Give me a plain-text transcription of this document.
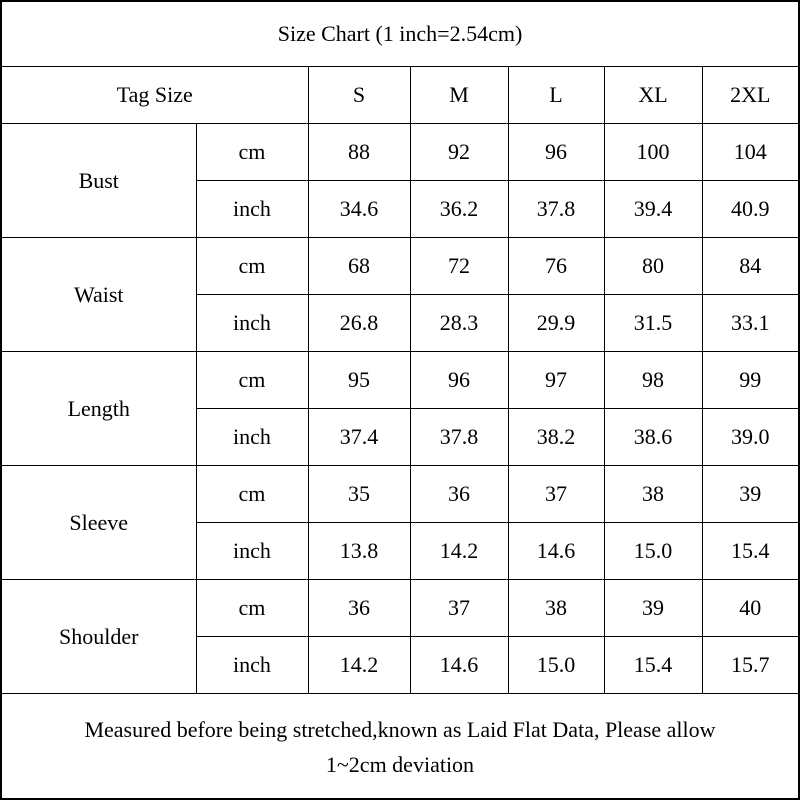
Size Chart (1 inch=2.54cm)						
Tag Size		S	M	L	XL	2XL
Bust	cm	88	92	96	100	104
	inch	34.6	36.2	37.8	39.4	40.9
Waist	cm	68	72	76	80	84
	inch	26.8	28.3	29.9	31.5	33.1
Length	cm	95	96	97	98	99
	inch	37.4	37.8	38.2	38.6	39.0
Sleeve	cm	35	36	37	38	39
	inch	13.8	14.2	14.6	15.0	15.4
Shoulder	cm	36	37	38	39	40
	inch	14.2	14.6	15.0	15.4	15.7
Measured before being stretched,known as Laid Flat Data, Please allow
1~2cm deviation
